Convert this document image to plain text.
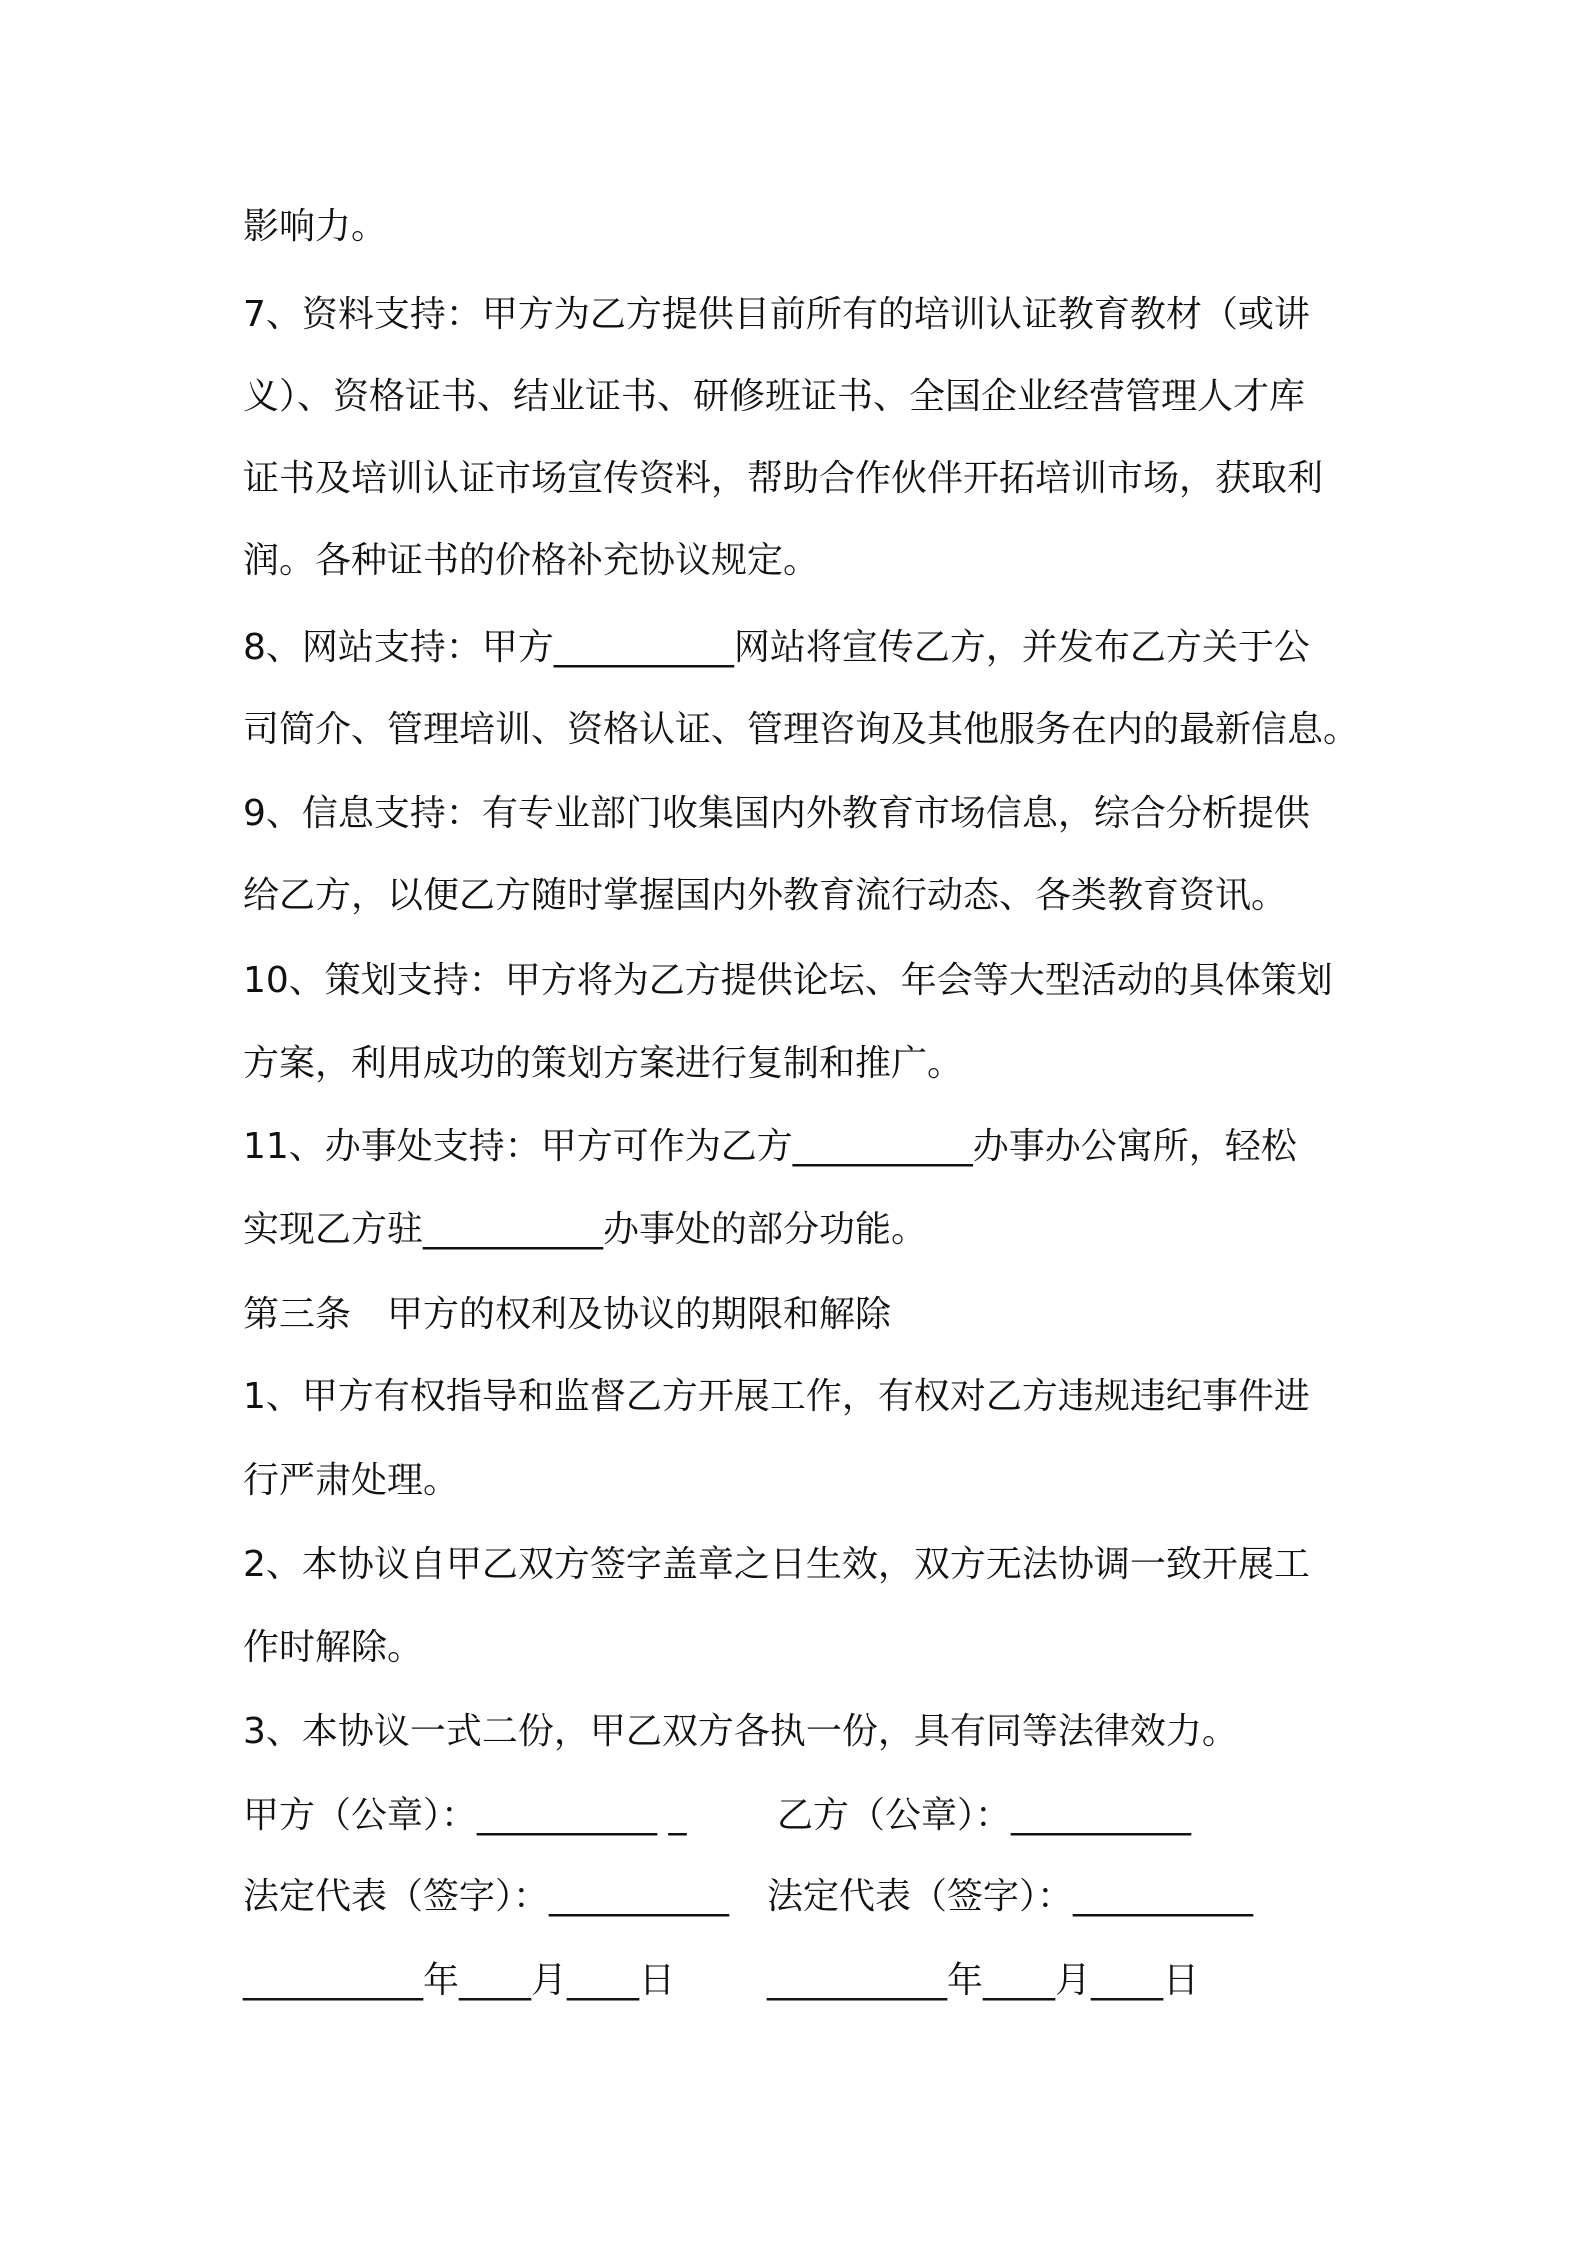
影响力。
7、资料支持：甲方为乙方提供目前所有的培训认证教育教材（或讲
义）、资格证书、结业证书、研修班证书、全国企业经营管理人才库
证书及培训认证市场宣传资料，帮助合作伙伴开拓培训市场，获取利
润。各种证书的价格补充协议规定。
8、网站支持：甲方__________网站将宣传乙方，并发布乙方关于公
司简介、管理培训、资格认证、管理咨询及其他服务在内的最新信息。
9、信息支持：有专业部门收集国内外教育市场信息，综合分析提供
给乙方，以便乙方随时掌握国内外教育流行动态、各类教育资讯。
10、策划支持：甲方将为乙方提供论坛、年会等大型活动的具体策划
方案，利用成功的策划方案进行复制和推广。
11、办事处支持：甲方可作为乙方__________办事办公寓所，轻松
实现乙方驻__________办事处的部分功能。
第三条　甲方的权利及协议的期限和解除
1、甲方有权指导和监督乙方开展工作，有权对乙方违规违纪事件进
行严肃处理。
2、本协议自甲乙双方签字盖章之日生效，双方无法协调一致开展工
作时解除。
3、本协议一式二份，甲乙双方各执一份，具有同等法律效力。
甲方（公章）：__________ _	乙方（公章）：__________
法定代表（签字）：__________ 法定代表（签字）：__________
__________年____月____日	__________年____月____日
